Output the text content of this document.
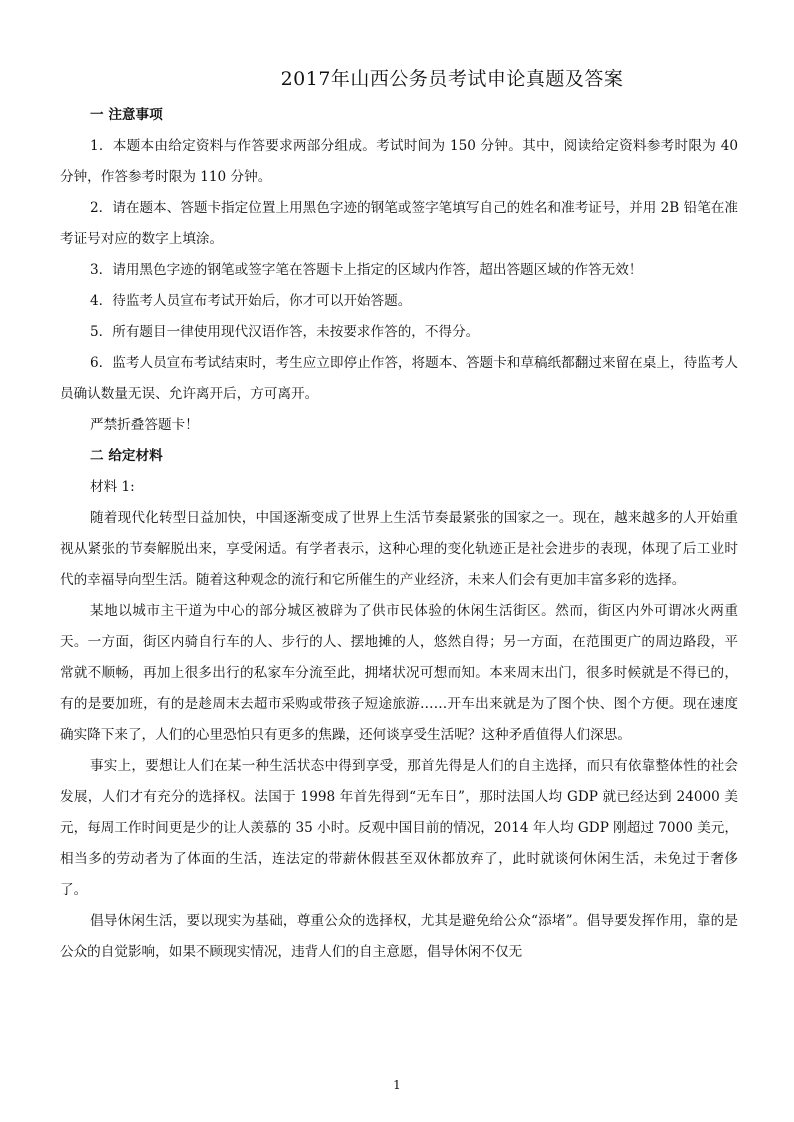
2017年山西公务员考试申论真题及答案

一 注意事项

1．本题本由给定资料与作答要求两部分组成。考试时间为 150 分钟。其中，阅读给定资料参考时限为 40 分钟，作答参考时限为 110 分钟。

2．请在题本、答题卡指定位置上用黑色字迹的钢笔或签字笔填写自己的姓名和准考证号，并用 2B 铅笔在准考证号对应的数字上填涂。

3．请用黑色字迹的钢笔或签字笔在答题卡上指定的区域内作答，超出答题区域的作答无效！

4．待监考人员宣布考试开始后，你才可以开始答题。

5．所有题目一律使用现代汉语作答，未按要求作答的，不得分。

6．监考人员宣布考试结束时，考生应立即停止作答，将题本、答题卡和草稿纸都翻过来留在桌上，待监考人员确认数量无误、允许离开后，方可离开。

严禁折叠答题卡！

二 给定材料

材料 1:

随着现代化转型日益加快，中国逐渐变成了世界上生活节奏最紧张的国家之一。现在，越来越多的人开始重视从紧张的节奏解脱出来，享受闲适。有学者表示，这种心理的变化轨迹正是社会进步的表现，体现了后工业时代的幸福导向型生活。随着这种观念的流行和它所催生的产业经济，未来人们会有更加丰富多彩的选择。

某地以城市主干道为中心的部分城区被辟为了供市民体验的休闲生活街区。然而，街区内外可谓冰火两重天。一方面，街区内骑自行车的人、步行的人、摆地摊的人，悠然自得；另一方面，在范围更广的周边路段，平常就不顺畅，再加上很多出行的私家车分流至此，拥堵状况可想而知。本来周末出门，很多时候就是不得已的，有的是要加班，有的是趁周末去超市采购或带孩子短途旅游……开车出来就是为了图个快、图个方便。现在速度确实降下来了，人们的心里恐怕只有更多的焦躁，还何谈享受生活呢？这种矛盾值得人们深思。

事实上，要想让人们在某一种生活状态中得到享受，那首先得是人们的自主选择，而只有依靠整体性的社会发展，人们才有充分的选择权。法国于 1998 年首先得到“无车日”，那时法国人均 GDP 就已经达到 24000 美元，每周工作时间更是少的让人羡慕的 35 小时。反观中国目前的情况，2014 年人均 GDP 刚超过 7000 美元，相当多的劳动者为了体面的生活，连法定的带薪休假甚至双休都放弃了，此时就谈何休闲生活，未免过于奢侈了。

倡导休闲生活，要以现实为基础，尊重公众的选择权，尤其是避免给公众“添堵”。倡导要发挥作用，靠的是公众的自觉影响，如果不顾现实情况，违背人们的自主意愿，倡导休闲不仅无

1
